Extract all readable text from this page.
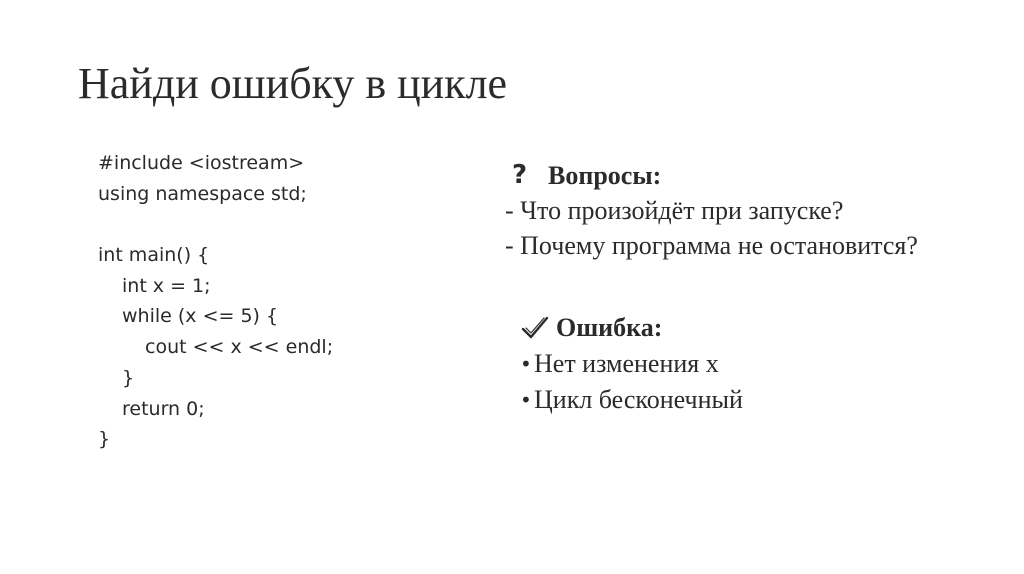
Найди ошибку в цикле
#include <iostream>
using namespace std;
int main() {
int x = 1;
while (x <= 5) {
cout << x << endl;
}
return 0;
}
? Вопросы:
- Что произойдёт при запуске?
- Почему программа не остановится?
Ошибка:
• Нет изменения x
• Цикл бесконечный
